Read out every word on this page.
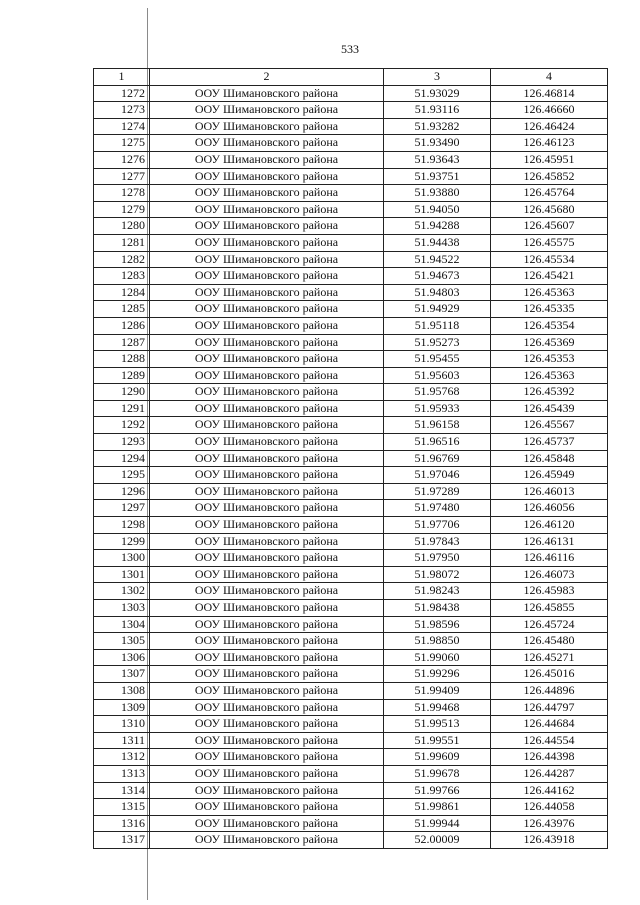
533
1	2	3	4
1272	ООУ Шимановского района	51.93029	126.46814
1273	ООУ Шимановского района	51.93116	126.46660
1274	ООУ Шимановского района	51.93282	126.46424
1275	ООУ Шимановского района	51.93490	126.46123
1276	ООУ Шимановского района	51.93643	126.45951
1277	ООУ Шимановского района	51.93751	126.45852
1278	ООУ Шимановского района	51.93880	126.45764
1279	ООУ Шимановского района	51.94050	126.45680
1280	ООУ Шимановского района	51.94288	126.45607
1281	ООУ Шимановского района	51.94438	126.45575
1282	ООУ Шимановского района	51.94522	126.45534
1283	ООУ Шимановского района	51.94673	126.45421
1284	ООУ Шимановского района	51.94803	126.45363
1285	ООУ Шимановского района	51.94929	126.45335
1286	ООУ Шимановского района	51.95118	126.45354
1287	ООУ Шимановского района	51.95273	126.45369
1288	ООУ Шимановского района	51.95455	126.45353
1289	ООУ Шимановского района	51.95603	126.45363
1290	ООУ Шимановского района	51.95768	126.45392
1291	ООУ Шимановского района	51.95933	126.45439
1292	ООУ Шимановского района	51.96158	126.45567
1293	ООУ Шимановского района	51.96516	126.45737
1294	ООУ Шимановского района	51.96769	126.45848
1295	ООУ Шимановского района	51.97046	126.45949
1296	ООУ Шимановского района	51.97289	126.46013
1297	ООУ Шимановского района	51.97480	126.46056
1298	ООУ Шимановского района	51.97706	126.46120
1299	ООУ Шимановского района	51.97843	126.46131
1300	ООУ Шимановского района	51.97950	126.46116
1301	ООУ Шимановского района	51.98072	126.46073
1302	ООУ Шимановского района	51.98243	126.45983
1303	ООУ Шимановского района	51.98438	126.45855
1304	ООУ Шимановского района	51.98596	126.45724
1305	ООУ Шимановского района	51.98850	126.45480
1306	ООУ Шимановского района	51.99060	126.45271
1307	ООУ Шимановского района	51.99296	126.45016
1308	ООУ Шимановского района	51.99409	126.44896
1309	ООУ Шимановского района	51.99468	126.44797
1310	ООУ Шимановского района	51.99513	126.44684
1311	ООУ Шимановского района	51.99551	126.44554
1312	ООУ Шимановского района	51.99609	126.44398
1313	ООУ Шимановского района	51.99678	126.44287
1314	ООУ Шимановского района	51.99766	126.44162
1315	ООУ Шимановского района	51.99861	126.44058
1316	ООУ Шимановского района	51.99944	126.43976
1317	ООУ Шимановского района	52.00009	126.43918
